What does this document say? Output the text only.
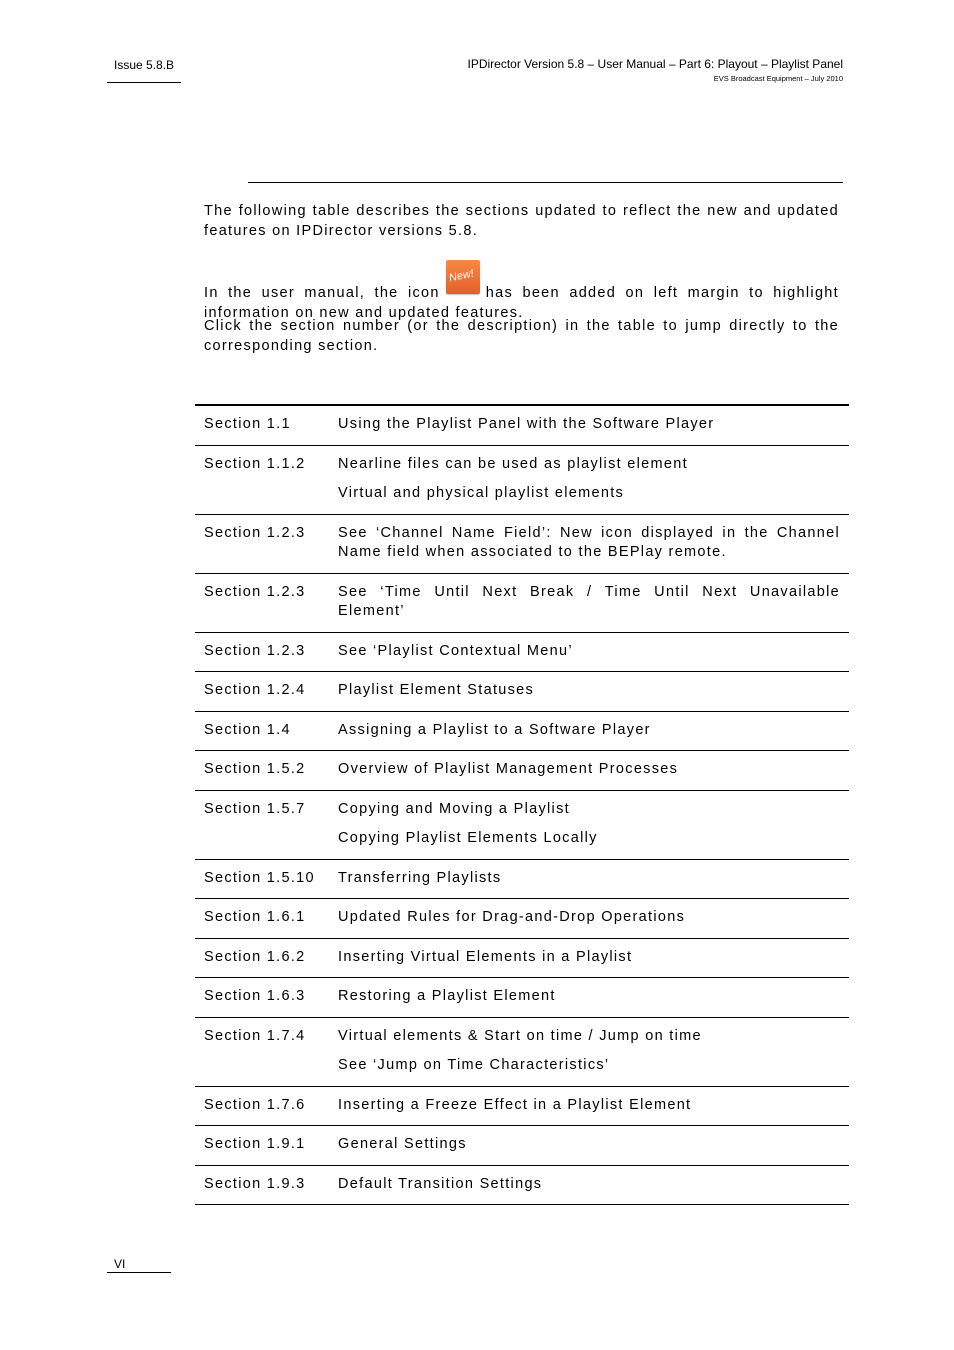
Issue 5.8.B	IPDirector Version 5.8 – User Manual – Part 6: Playout – Playlist Panel
EVS Broadcast Equipment – July 2010

The following table describes the sections updated to reflect the new and updated features on IPDirector versions 5.8.

In the user manual, the icon
New!
has been added on left margin to highlight information on new and updated features.

Click the section number (or the description) in the table to jump directly to the corresponding section.

Section 1.1	Using the Playlist Panel with the Software Player
Section 1.1.2	Nearline files can be used as playlist element
Virtual and physical playlist elements
Section 1.2.3	See ‘Channel Name Field’: New icon displayed in the Channel Name field when associated to the BEPlay remote.
Section 1.2.3	See ‘Time Until Next Break / Time Until Next Unavailable Element’
Section 1.2.3	See ‘Playlist Contextual Menu’
Section 1.2.4	Playlist Element Statuses
Section 1.4	Assigning a Playlist to a Software Player
Section 1.5.2	Overview of Playlist Management Processes
Section 1.5.7	Copying and Moving a Playlist
Copying Playlist Elements Locally
Section 1.5.10	Transferring Playlists
Section 1.6.1	Updated Rules for Drag-and-Drop Operations
Section 1.6.2	Inserting Virtual Elements in a Playlist
Section 1.6.3	Restoring a Playlist Element
Section 1.7.4	Virtual elements & Start on time / Jump on time
See ‘Jump on Time Characteristics’
Section 1.7.6	Inserting a Freeze Effect in a Playlist Element
Section 1.9.1	General Settings
Section 1.9.3	Default Transition Settings
VI
